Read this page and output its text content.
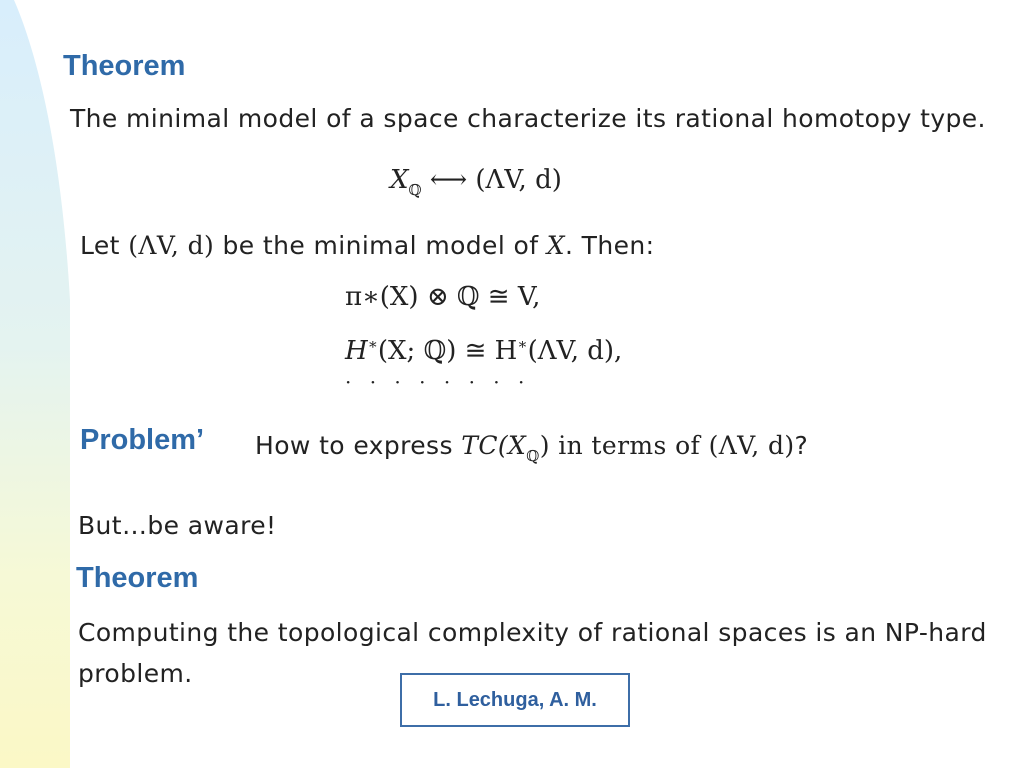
Theorem

The minimal model of a space characterize its rational homotopy type.

$X_ℚ$ ⟷ (ΛV, d)

Let (ΛV, d) be the minimal model of X. Then:

π∗(X) ⊗ ℚ ≅ V,
H∗(X; ℚ) ≅ H∗(ΛV, d),
· · · · · · · ·
Problem’ How to express $TC(X_ℚ)$ in terms of (ΛV, d)?

But…be aware!

Theorem

Computing the topological complexity of rational spaces is an NP-hard problem.

L. Lechuga, A. M.
